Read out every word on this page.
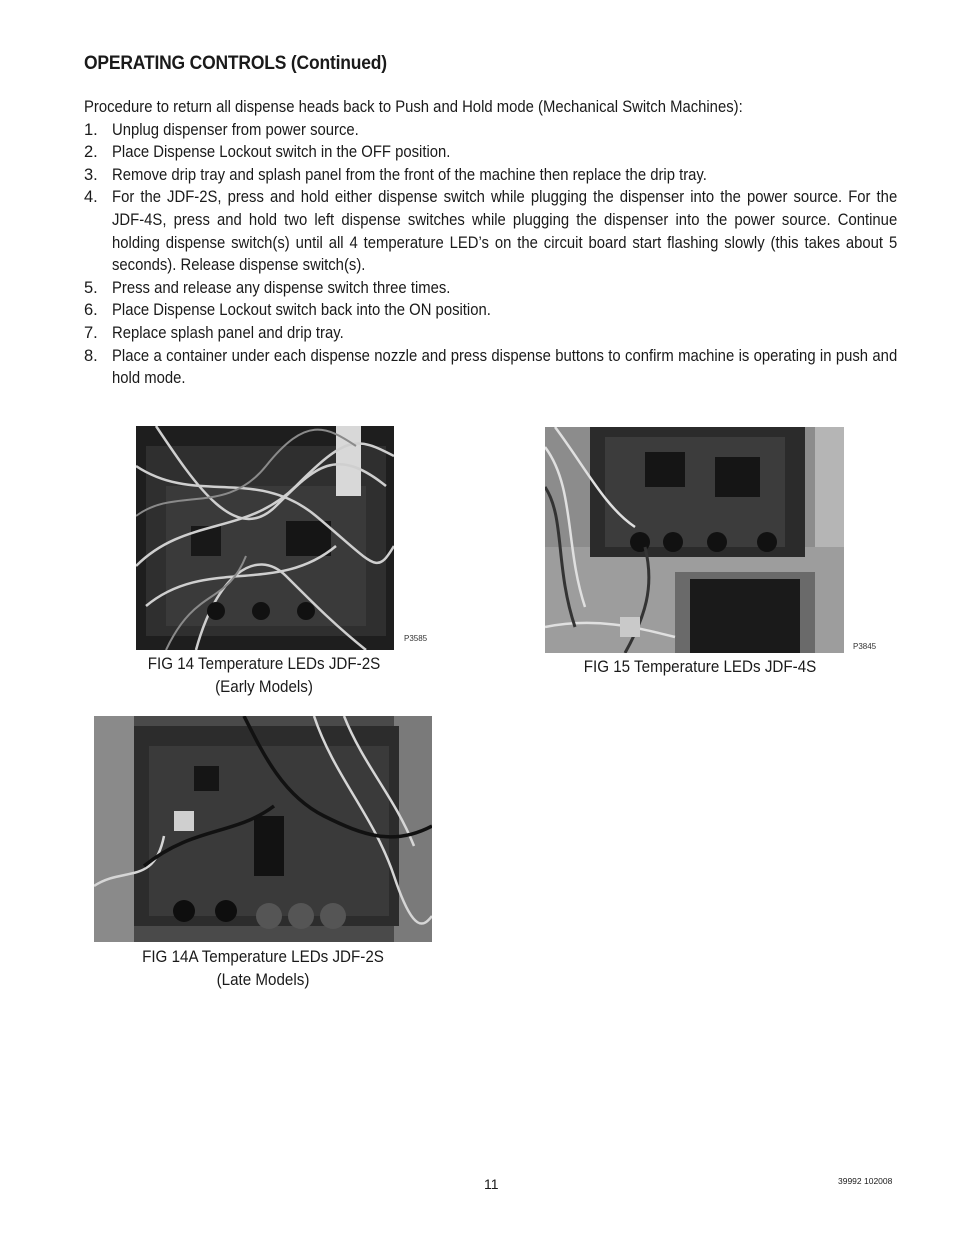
OPERATING CONTROLS (Continued)
Procedure to return all dispense heads back to Push and Hold mode (Mechanical Switch Machines):
1. Unplug dispenser from power source.
2. Place Dispense Lockout switch in the OFF position.
3. Remove drip tray and splash panel from the front of the machine then replace the drip tray.
4. For the JDF-2S, press and hold either dispense switch while plugging the dispenser into the power source. For the JDF-4S, press and hold two left dispense switches while plugging the dispenser into the power source. Continue holding dispense switch(s) until all 4 temperature LED’s on the circuit board start flashing slowly (this takes about 5 seconds). Release dispense switch(s).
5. Press and release any dispense switch three times.
6. Place Dispense Lockout switch back into the ON position.
7. Replace splash panel and drip tray.
8. Place a container under each dispense nozzle and press dispense buttons to confirm machine is operating in push and hold mode.
P3585
FIG 14 Temperature LEDs JDF-2S
(Early Models)
P3845
FIG 15 Temperature LEDs JDF-4S
FIG 14A Temperature LEDs JDF-2S
(Late Models)
11	39992 102008
